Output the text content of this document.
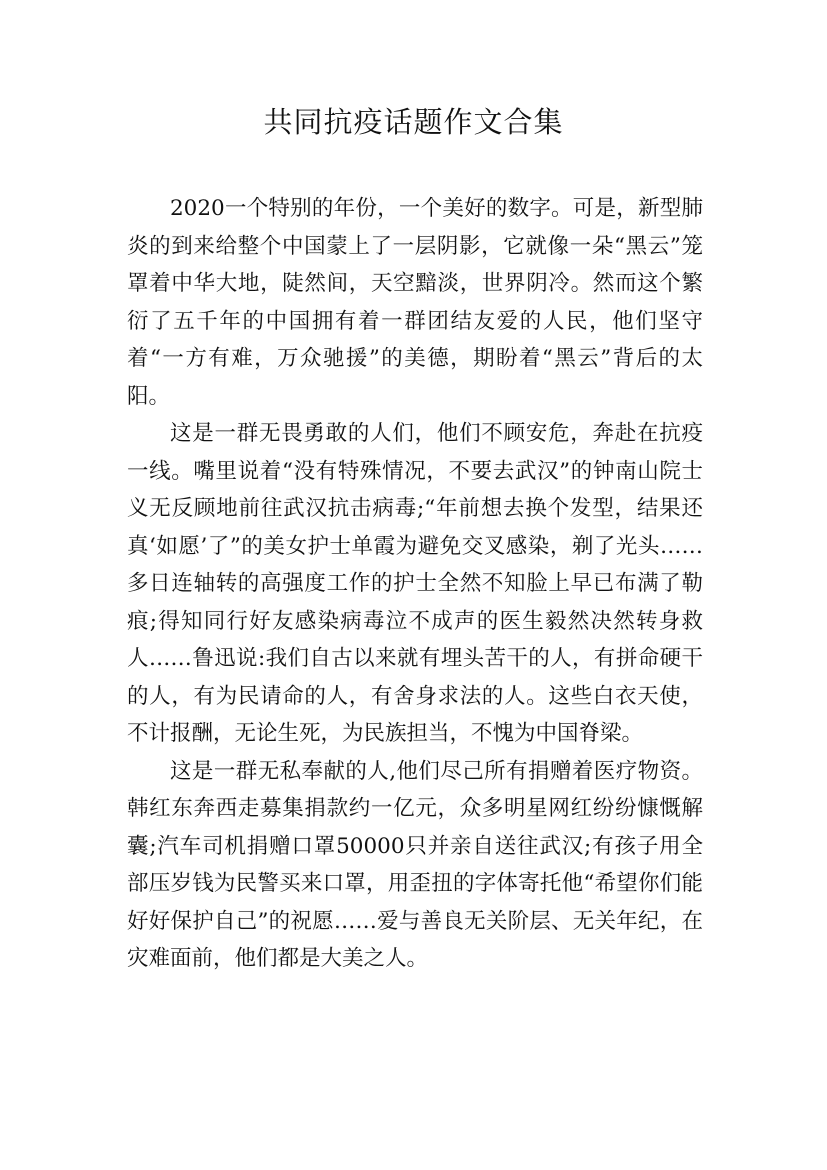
共同抗疫话题作文合集

2020一个特别的年份，一个美好的数字。可是，新型肺炎的到来给整个中国蒙上了一层阴影，它就像一朵“黑云”笼罩着中华大地，陡然间，天空黯淡，世界阴冷。然而这个繁衍了五千年的中国拥有着一群团结友爱的人民，他们坚守着“一方有难，万众驰援”的美德，期盼着“黑云”背后的太阳。

这是一群无畏勇敢的人们，他们不顾安危，奔赴在抗疫一线。嘴里说着“没有特殊情况，不要去武汉”的钟南山院士义无反顾地前往武汉抗击病毒;“年前想去换个发型，结果还真‘如愿’了”的美女护士单霞为避免交叉感染，剃了光头……多日连轴转的高强度工作的护士全然不知脸上早已布满了勒痕;得知同行好友感染病毒泣不成声的医生毅然决然转身救人……鲁迅说:我们自古以来就有埋头苦干的人，有拼命硬干的人，有为民请命的人，有舍身求法的人。这些白衣天使，不计报酬，无论生死，为民族担当，不愧为中国脊梁。

这是一群无私奉献的人,他们尽己所有捐赠着医疗物资。韩红东奔西走募集捐款约一亿元，众多明星网红纷纷慷慨解囊;汽车司机捐赠口罩50000只并亲自送往武汉;有孩子用全部压岁钱为民警买来口罩，用歪扭的字体寄托他“希望你们能好好保护自己”的祝愿……爱与善良无关阶层、无关年纪，在灾难面前，他们都是大美之人。
